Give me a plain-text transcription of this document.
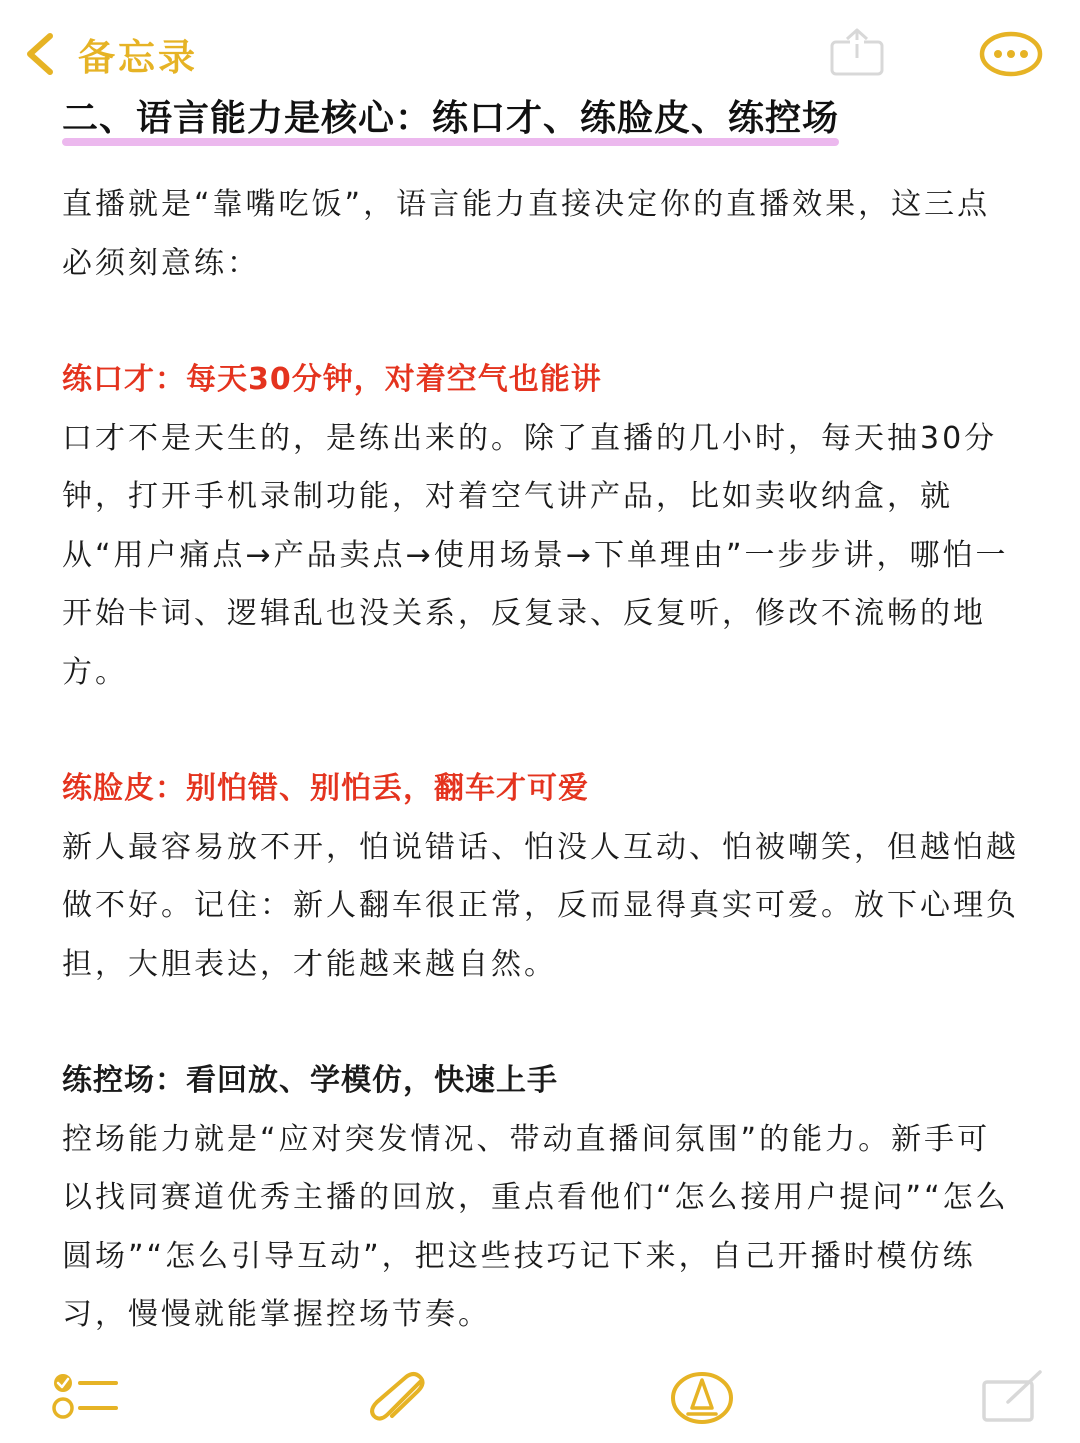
备忘录
二、语言能力是核心：练口才、练脸皮、练控场

直播就是“靠嘴吃饭”，语言能力直接决定你的直播效果，这三点必须刻意练：

练口才：每天30分钟，对着空气也能讲

口才不是天生的，是练出来的。除了直播的几小时，每天抽30分钟，打开手机录制功能，对着空气讲产品，比如卖收纳盒，就从“用户痛点→产品卖点→使用场景→下单理由”一步步讲，哪怕一开始卡词、逻辑乱也没关系，反复录、反复听，修改不流畅的地方。

练脸皮：别怕错、别怕丢，翻车才可爱

新人最容易放不开，怕说错话、怕没人互动、怕被嘲笑，但越怕越做不好。记住：新人翻车很正常，反而显得真实可爱。放下心理负担，大胆表达，才能越来越自然。

练控场：看回放、学模仿，快速上手

控场能力就是“应对突发情况、带动直播间氛围”的能力。新手可以找同赛道优秀主播的回放，重点看他们“怎么接用户提问”“怎么圆场”“怎么引导互动”，把这些技巧记下来，自己开播时模仿练习，慢慢就能掌握控场节奏。
